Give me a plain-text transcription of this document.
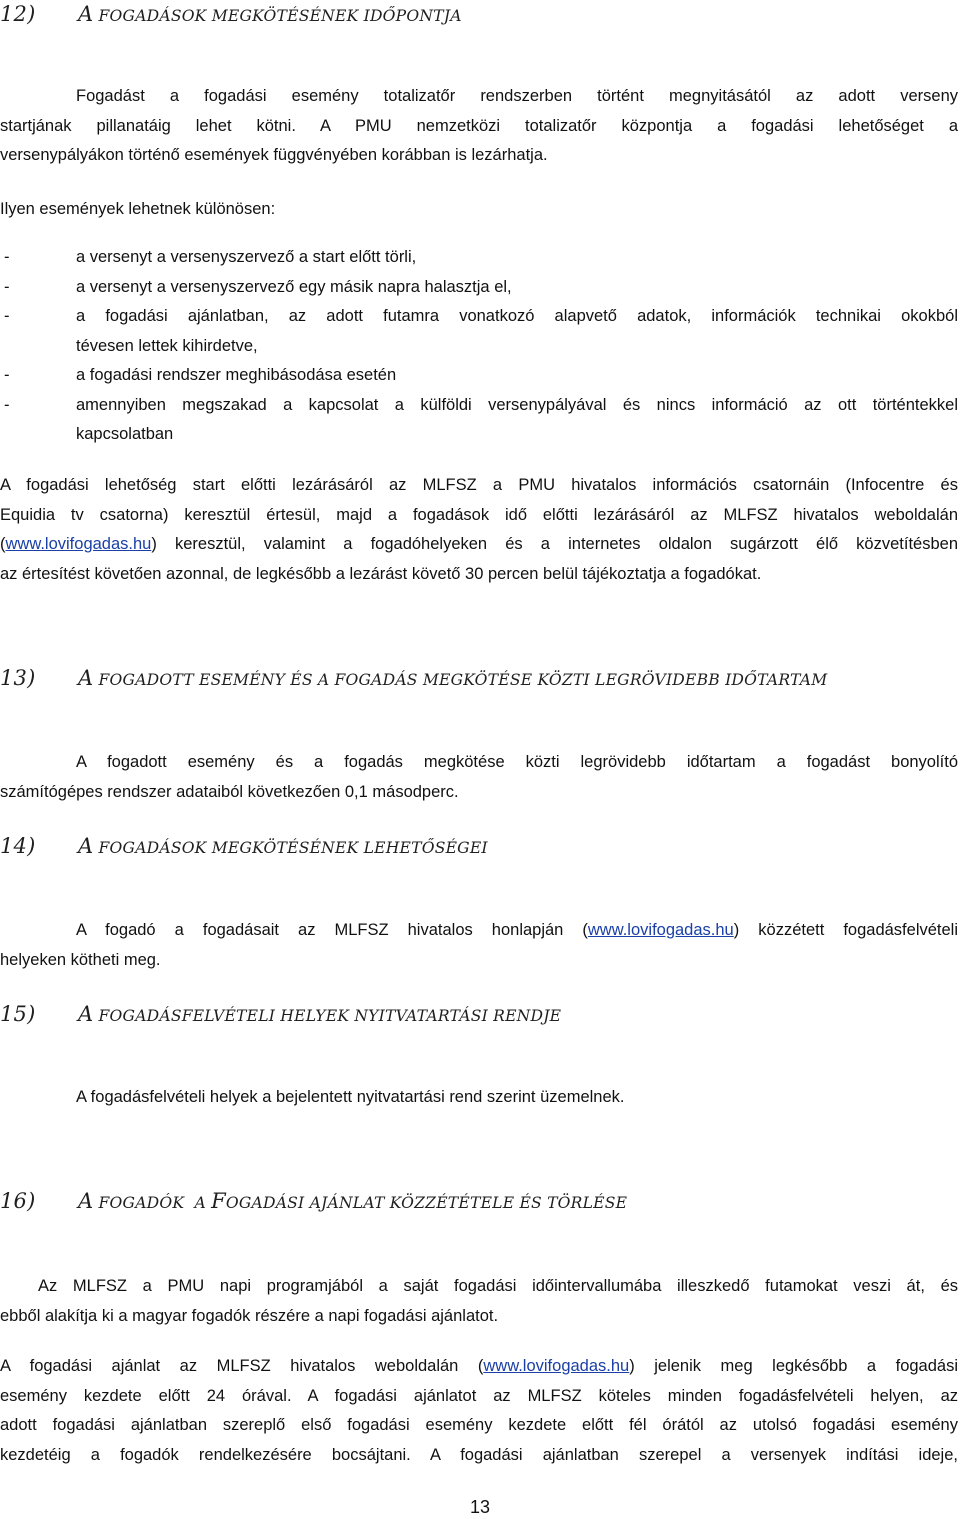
12) A FOGADÁSOK MEGKÖTÉSÉNEK IDŐPONTJA
Fogadást a fogadási esemény totalizatőr rendszerben történt megnyitásától az adott verseny
startjának pillanatáig lehet kötni. A PMU nemzetközi totalizatőr központja a fogadási lehetőséget a
versenypályákon történő események függvényében korábban is lezárhatja.
Ilyen események lehetnek különösen:
-	a versenyt a versenyszervező a start előtt törli,
-	a versenyt a versenyszervező egy másik napra halasztja el,
-	a fogadási ajánlatban, az adott futamra vonatkozó alapvető adatok, információk technikai okokból
tévesen lettek kihirdetve,
-	a fogadási rendszer meghibásodása esetén
-	amennyiben megszakad a kapcsolat a külföldi versenypályával és nincs információ az ott történtekkel
kapcsolatban
A fogadási lehetőség start előtti lezárásáról az MLFSZ a PMU hivatalos információs csatornáin (Infocentre és
Equidia tv csatorna) keresztül értesül, majd a fogadások idő előtti lezárásáról az MLFSZ hivatalos weboldalán
(www.lovifogadas.hu) keresztül, valamint a fogadóhelyeken és a internetes oldalon sugárzott élő közvetítésben
az értesítést követően azonnal, de legkésőbb a lezárást követő 30 percen belül tájékoztatja a fogadókat.
13) A FOGADOTT ESEMÉNY ÉS A FOGADÁS MEGKÖTÉSE KÖZTI LEGRÖVIDEBB IDŐTARTAM
A fogadott esemény és a fogadás megkötése közti legrövidebb időtartam a fogadást bonyolító
számítógépes rendszer adataiból következően 0,1 másodperc.
14) A FOGADÁSOK MEGKÖTÉSÉNEK LEHETŐSÉGEI
A fogadó a fogadásait az MLFSZ hivatalos honlapján (www.lovifogadas.hu) közzétett fogadásfelvételi
helyeken kötheti meg.
15) A FOGADÁSFELVÉTELI HELYEK NYITVATARTÁSI RENDJE
A fogadásfelvételi helyek a bejelentett nyitvatartási rend szerint üzemelnek.
16) A FOGADÓK  A FOGADÁSI AJÁNLAT KÖZZÉTÉTELE ÉS TÖRLÉSE
Az MLFSZ a PMU napi programjából a saját fogadási időintervallumába illeszkedő futamokat veszi át, és
ebből alakítja ki a magyar fogadók részére a napi fogadási ajánlatot.
A fogadási ajánlat az MLFSZ hivatalos weboldalán (www.lovifogadas.hu) jelenik meg legkésőbb a fogadási
esemény kezdete előtt 24 órával. A fogadási ajánlatot az MLFSZ köteles minden fogadásfelvételi helyen, az
adott fogadási ajánlatban szereplő első fogadási esemény kezdete előtt fél órától az utolsó fogadási esemény
kezdetéig a fogadók rendelkezésére bocsájtani. A fogadási ajánlatban szerepel a versenyek indítási ideje,
13
